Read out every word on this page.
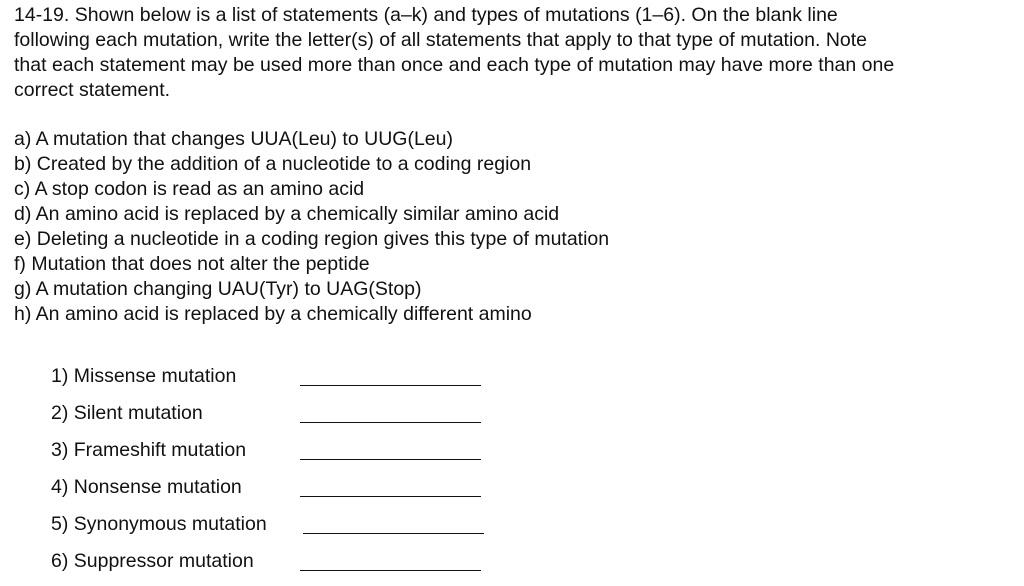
14-19. Shown below is a list of statements (a–k) and types of mutations (1–6). On the blank line
following each mutation, write the letter(s) of all statements that apply to that type of mutation. Note
that each statement may be used more than once and each type of mutation may have more than one
correct statement.
a) A mutation that changes UUA(Leu) to UUG(Leu)
b) Created by the addition of a nucleotide to a coding region
c) A stop codon is read as an amino acid
d) An amino acid is replaced by a chemically similar amino acid
e) Deleting a nucleotide in a coding region gives this type of mutation
f) Mutation that does not alter the peptide
g) A mutation changing UAU(Tyr) to UAG(Stop)
h) An amino acid is replaced by a chemically different amino
1) Missense mutation
2) Silent mutation
3) Frameshift mutation
4) Nonsense mutation
5) Synonymous mutation
6) Suppressor mutation
